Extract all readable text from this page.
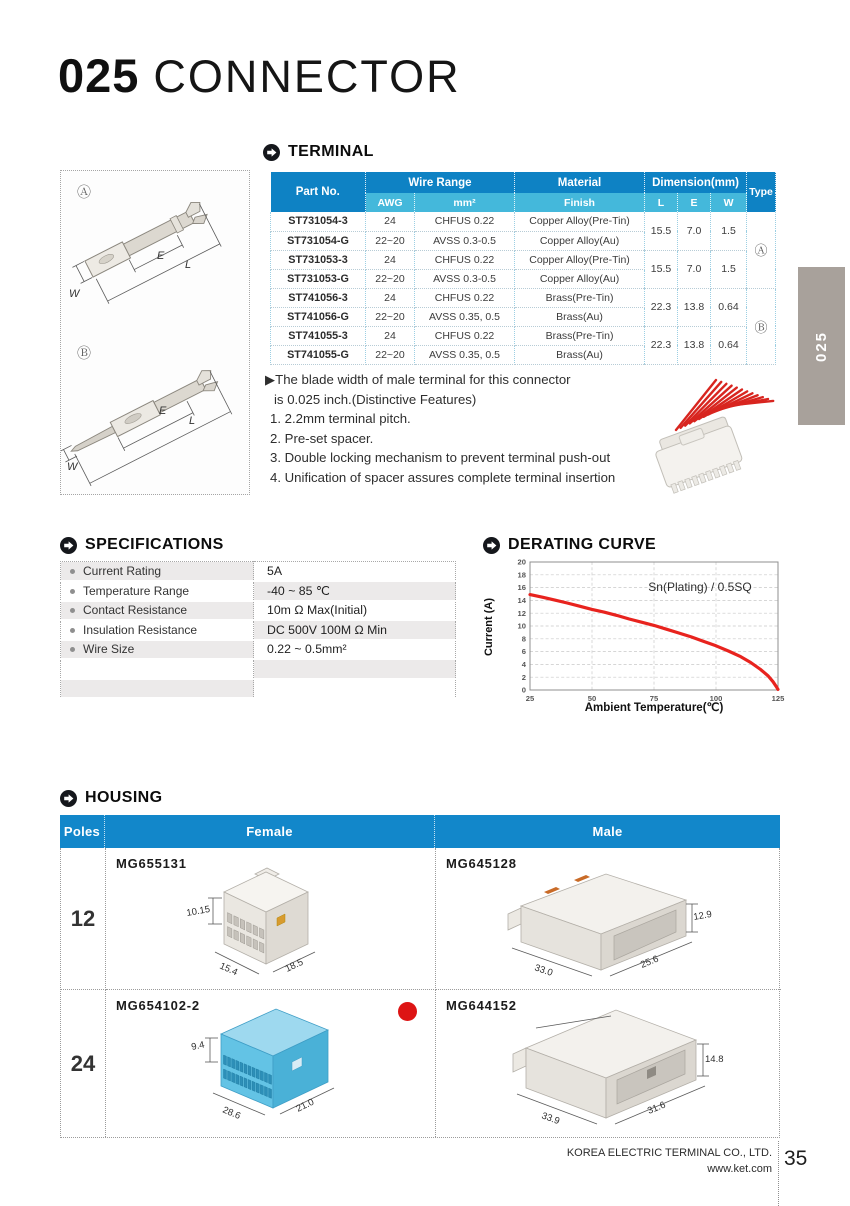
025 CONNECTOR
025
TERMINAL
Ⓐ
E
L
W

Ⓑ
E
L
W
Part No.	Wire Range		Material	Dimension(mm)			Type
	AWG	mm²	Finish	L	E	W	
ST731054-3	24	CHFUS 0.22	Copper Alloy(Pre-Tin)	15.5	7.0	1.5	Ⓐ
ST731054-G	22~20	AVSS 0.3-0.5	Copper Alloy(Au)				
ST731053-3	24	CHFUS 0.22	Copper Alloy(Pre-Tin)	15.5	7.0	1.5	
ST731053-G	22~20	AVSS 0.3-0.5	Copper Alloy(Au)				
ST741056-3	24	CHFUS 0.22	Brass(Pre-Tin)	22.3	13.8	0.64	Ⓑ
ST741056-G	22~20	AVSS 0.35, 0.5	Brass(Au)				
ST741055-3	24	CHFUS 0.22	Brass(Pre-Tin)	22.3	13.8	0.64	
ST741055-G	22~20	AVSS 0.35, 0.5	Brass(Au)				
▶The blade width of male terminal for this connector
is 0.025 inch.(Distinctive Features)
1. 2.2mm terminal pitch.
2. Pre-set spacer.
3. Double locking mechanism to prevent terminal push-out
4. Unification of spacer assures complete terminal insertion
SPECIFICATIONS
Current Rating	5A
Temperature Range	-40 ~ 85 ℃
Contact Resistance	10m Ω Max(Initial)
Insulation Resistance	DC 500V 100M Ω Min
Wire Size	0.22 ~ 0.5mm²

DERATING CURVE
Current (A)
0
2
4
6
8
10
12
14
16
18
20
25	50	75	100	125
Sn(Plating) / 0.5SQ
Ambient Temperature(℃)
HOUSING
Poles	Female	Male
12
MG655131
10.15
15.4	18.5
MG645128
33.0	25.6
12.9
24
MG654102-2
9.4
28.6	21.0
MG644152
33.9
31.6
14.8
KOREA ELECTRIC TERMINAL CO., LTD.
www.ket.com 35
